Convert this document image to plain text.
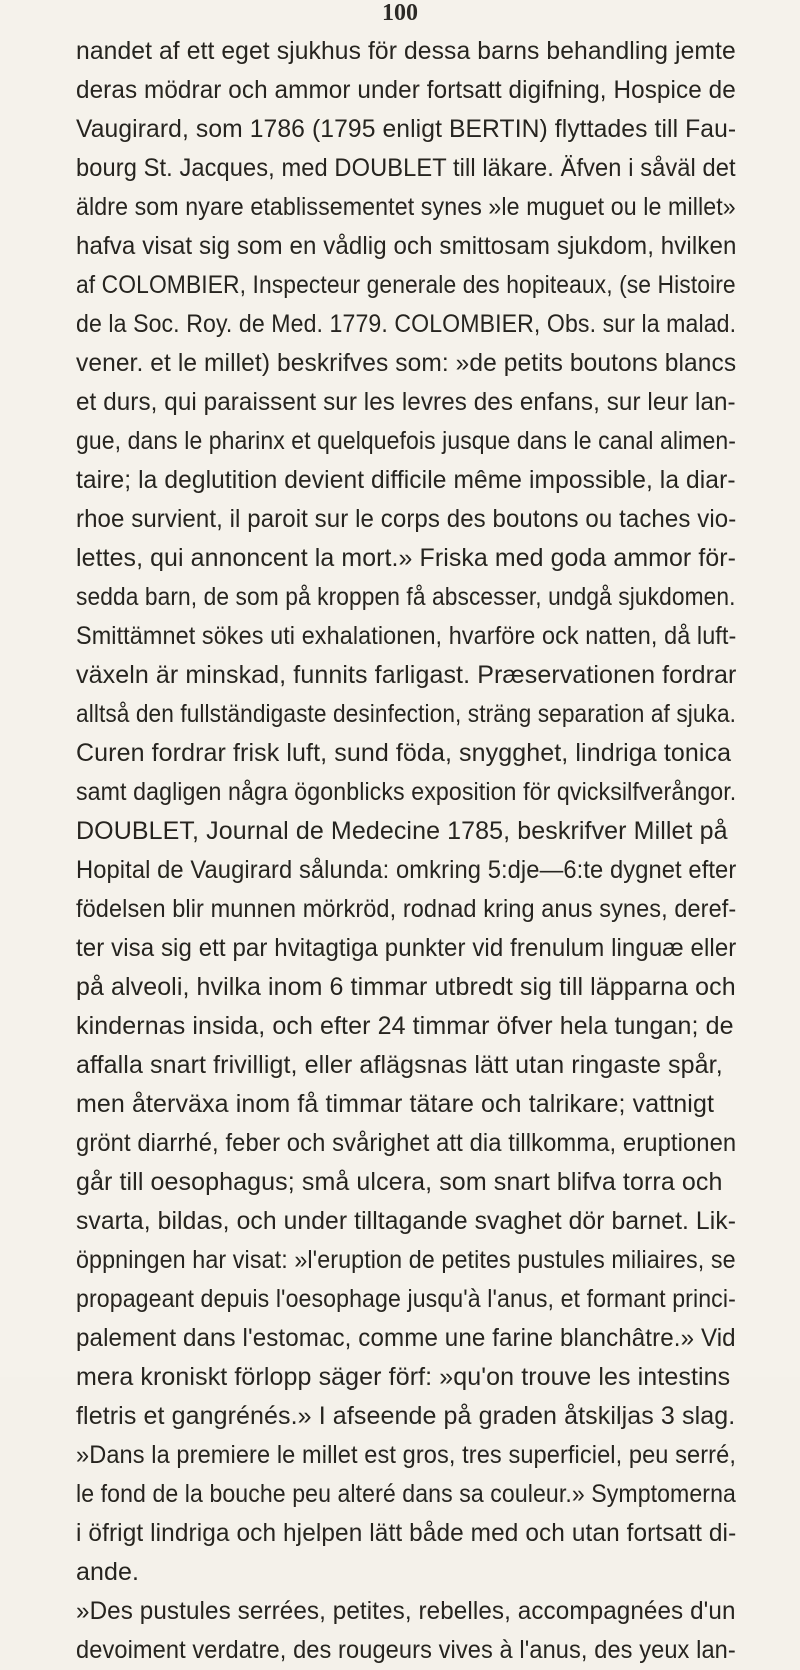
100
nandet af ett eget sjukhus för dessa barns behandling jemte
deras mödrar och ammor under fortsatt digifning, Hospice de
Vaugirard, som 1786 (1795 enligt BERTIN) flyttades till Fau-
bourg St. Jacques, med DOUBLET till läkare. Äfven i såväl det
äldre som nyare etablissementet synes »le muguet ou le millet»
hafva visat sig som en vådlig och smittosam sjukdom, hvilken
af COLOMBIER, Inspecteur generale des hopiteaux, (se Histoire
de la Soc. Roy. de Med. 1779. COLOMBIER, Obs. sur la malad.
vener. et le millet) beskrifves som: »de petits boutons blancs
et durs, qui paraissent sur les levres des enfans, sur leur lan-
gue, dans le pharinx et quelquefois jusque dans le canal alimen-
taire; la deglutition devient difficile même impossible, la diar-
rhoe survient, il paroit sur le corps des boutons ou taches vio-
lettes, qui annoncent la mort.» Friska med goda ammor för-
sedda barn, de som på kroppen få abscesser, undgå sjukdomen.
Smittämnet sökes uti exhalationen, hvarföre ock natten, då luft-
växeln är minskad, funnits farligast. Præservationen fordrar
alltså den fullständigaste desinfection, sträng separation af sjuka.
Curen fordrar frisk luft, sund föda, snygghet, lindriga tonica
samt dagligen några ögonblicks exposition för qvicksilfverångor.
DOUBLET, Journal de Medecine 1785, beskrifver Millet på
Hopital de Vaugirard sålunda: omkring 5:dje—6:te dygnet efter
födelsen blir munnen mörkröd, rodnad kring anus synes, deref-
ter visa sig ett par hvitagtiga punkter vid frenulum linguæ eller
på alveoli, hvilka inom 6 timmar utbredt sig till läpparna och
kindernas insida, och efter 24 timmar öfver hela tungan; de
affalla snart frivilligt, eller aflägsnas lätt utan ringaste spår,
men återväxa inom få timmar tätare och talrikare; vattnigt
grönt diarrhé, feber och svårighet att dia tillkomma, eruptionen
går till oesophagus; små ulcera, som snart blifva torra och
svarta, bildas, och under tilltagande svaghet dör barnet. Lik-
öppningen har visat: »l'eruption de petites pustules miliaires, se
propageant depuis l'oesophage jusqu'à l'anus, et formant princi-
palement dans l'estomac, comme une farine blanchâtre.» Vid
mera kroniskt förlopp säger förf: »qu'on trouve les intestins
fletris et gangrénés.» I afseende på graden åtskiljas 3 slag.
»Dans la premiere le millet est gros, tres superficiel, peu serré,
le fond de la bouche peu alteré dans sa couleur.» Symptomerna
i öfrigt lindriga och hjelpen lätt både med och utan fortsatt di-
ande.
»Des pustules serrées, petites, rebelles, accompagnées d'un
devoiment verdatre, des rougeurs vives à l'anus, des yeux lan-
